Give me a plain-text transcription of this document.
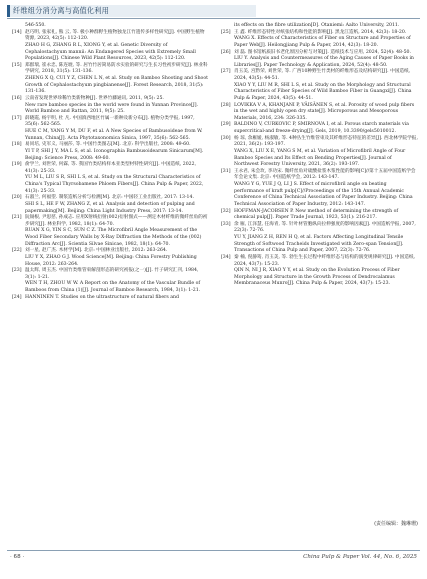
纤维组分消分离与高值化利用
546-550.
[14] 赵巧明, 张家礼, 熊 云, 等. 极小种群野生植物独龙江竹遗传多样性研究[J]. 中国野生植物资源, 2023, 42(5): 112-120.
ZHAO H G, ZHANG R L, XIONG Y, et al. Genetic Diversity of Cephalostachyum mannii: An Endangered Species with Extremely Small Populations[J]. Chinese Wild Plant Resources, 2023, 42(5): 112-120.
[15] 郑群瑞, 崔永忠, 陈连琥, 等. 居竹竹居简易防水实验的研究与生长习性初步研究[J]. 林业科学研究, 2018, 31(5): 131-136.
ZHENG X Q, CUI Y Z, CHEN L N, et al. Study on Bamboo Shooting and Shoot Growth of Cephalostachyum pingbianense[J]. Forest Research, 2018, 31(5): 131-136.
[16] 云南省发现世界珍稀竹类新物种[J]. 世界竹藤通讯, 2011, 9(5): 25.
New rare bamboo species in the world were found in Yunnan Province[J]. World Bamboo and Rattan, 2011, 9(5): 25.
[17] 薛晓霞, 杨宇明, 杜 凡. 中国滇西地区竹属一新种及新分布[J]. 植物分类学报, 1997, 35(6): 562-565.
HUE C M, YANG Y M, DU F, et al. A New Species of Bambusoideae from W. Yunnan, China[J]. Acta Phytotaxonomica Sinica, 1997, 35(6): 562-565.
[18] 易同培, 史军义, 马丽莎, 等. 中国竹类图志[M]. 北京: 科学出版社, 2008: 49-60.
YI T P, SHI J Y, MA L S, et al. Iconographia Bambusoidearum Sinicarum[M]. Beijing: Science Press, 2008: 49-60.
[19] 俞学兰, 刘世荣, 何霖, 等. 我国竹类结构样本亚类型材特性研究[J]. 中国造纸, 2022, 41(3): 25-33.
YU M L, LIU S R, SHI L S, et al. Study on the Structural Characteristics of China's Typical Thyrsobamene Phloem Fibers[J]. China Pulp & Paper, 2022, 41(3): 25-33.
[20] 石淑兰, 何福望. 制浆造纸分析与检测[M]. 北京: 中国轻工业出版社, 2017: 13-14.
SHI S L, HE F W, ZHANG Z, et al. Analysis and detection of pulping and papermaking[M]. Beijing: China Light Industry Press, 2017: 13-14.
[21] 阮锡根, 尹思慈, 孙成志. 应用X射线衍射(002)衍射图式——测定木材纤维的微纤丝角的初步研究[J]. 林业科学, 1982, 18(1): 64-70.
RUAN X G, YIN S C, SUN C Z. The Microfibril Angle Measurement of the Wood Fiber Secondary Walls by X-Ray Diffraction the Methods of the (002) Diffraction Arc[J]. Scientia Silvae Sinicae, 1982, 18(1): 64-70.
[22] 刘一星, 赵广杰. 木材学[M]. 北京: 中国林业出版社, 2012: 263-264.
LIU Y X, ZHAO G J. Wood Science[M]. Beijing: China Forestry Publishing House, 2012: 263-264.
[23] 温太辉, 周玉杰. 中国竹类维管束解剖形态的研究初报(之一)[J]. 竹子研究汇刊, 1984, 3(1): 1-21.
WEN T H, ZHOU W W. A Report on the Anatomy of the Vascular Bundle of Bamboos from China (1)[J]. Journal of Bamboo Research, 1984, 3(1): 1-21.
[24] HANNINEN T. Studies on the ultrastructure of natural fibers and
its effects on the fibre utilization[D]. Otaniemi: Aalto University, 2011.
[25] 王 鑫. 纤维形态特性对纸张结构和性能的影响[J]. 黑龙江造纸, 2014, 42(3): 18-20.
WANG X. Effects of Characteristics of Fiber on Structure and Properties of Paper Web[J]. Heilongjiang Pulp & Paper, 2014, 42(3): 18-20.
[26] 刘 磊. 图书馆纸质旧书老化原因分析与对策[J]. 造纸技术与应用, 2024, 52(4): 48-50.
LIU Y. Analysis and Countermeasures of the Aging Causes of Paper Books in Libraries[J]. Paper Technology & Application, 2024, 52(4): 48-50.
[27] 肖玉美, 宫黔荣, 刘世荣, 等. 广西10种野生竹类材的纤维形态及结构研究[J]. 中国造纸, 2024, 43(5): 44-51.
XIAO Y Y, LIU M R, SHI L S, et al. Study on the Morphology and Structural Characteristics of Fiber Species of Wild Bamboo Fiber in Guangxi[J]. China Pulp & Paper, 2024, 43(5): 44-51.
[28] LOVIKKA V A, KHANJANI P, VÄISÄNEN S, et al. Porosity of wood pulp fibers in the wet and highly open dry state[J]. Microporous and Mesoporous Materials, 2016, 234: 326-335.
[29] BALDINO V, CURKOVIC P, SMIRNOVA I, et al. Porous starch materials via supercritical-and freeze-drying[J]. Gels, 2019, 10.3390/gels5010012.
[30] 杨 琼, 余雁媛, 杨淑敏, 等. 4种丛生竹维管束及其纤维形态特征的差异[J]. 西北林学院学报, 2021, 36(2): 193-197.
YANG X, LIU X E, YANG S M, et al. Variation of Microfibril Angle of Four Bamboo Species and Its Effect on Bending Properties[J]. Journal of Northwest Forestry University, 2021, 36(2): 193-197.
[31] 王永君, 朱会玫, 李功宋. 微纤丝角对硫酸盐浆木浆性能的影响[C]//第十五届中国造纸学会年会论文集. 北京: 中国造纸学会, 2012: 143-147.
WANG Y G, YUE J Q, LI J S. Effect of microfibril angle on beating performance of kraft pulp[C]//Proceedings of the 15th Annual Academic Conference of China Technical Association of Paper Industry. Beijing: China Technical Association of Paper Industry, 2012: 143-147.
[32] HOFFMAN-JACOBSEN P. New method of determining the strength of chemical pulp[J]. Paper Trade Journal, 1923, 53(1): 216-217.
[33] 余 雁, 江泽慧, 任海青, 等. 针叶材管胞纵向拉伸强度的影响因素[J]. 中国造纸学报, 2007, 22(3): 72-76.
YU Y, JIANG Z H, REN H Q, et al. Factors Affecting Longitudinal Tensile Strength of Softwood Tracheids Investigated with Zero-span Tension[J]. Transactions of China Pulp and Paper, 2007, 22(3): 72-76.
[34] 秦 楠, 倪静筠, 肖玉美, 等. 勃生生长过程中纤维形态与结构的演变规律研究[J]. 中国造纸, 2024, 43(7): 15-23.
QIN N, NI J R, XIAO Y Y, et al. Study on the Evolution Process of Fiber Morphology and Structure in the Growth Process of Dendrocalamus Membranaceus Munro[J]. China Pulp & Paper, 2024, 43(7): 15-23.
(责任编辑：魏琳珊)
· 68 ·	China Pulp & Paper Vol. 44, No. 6, 2025
